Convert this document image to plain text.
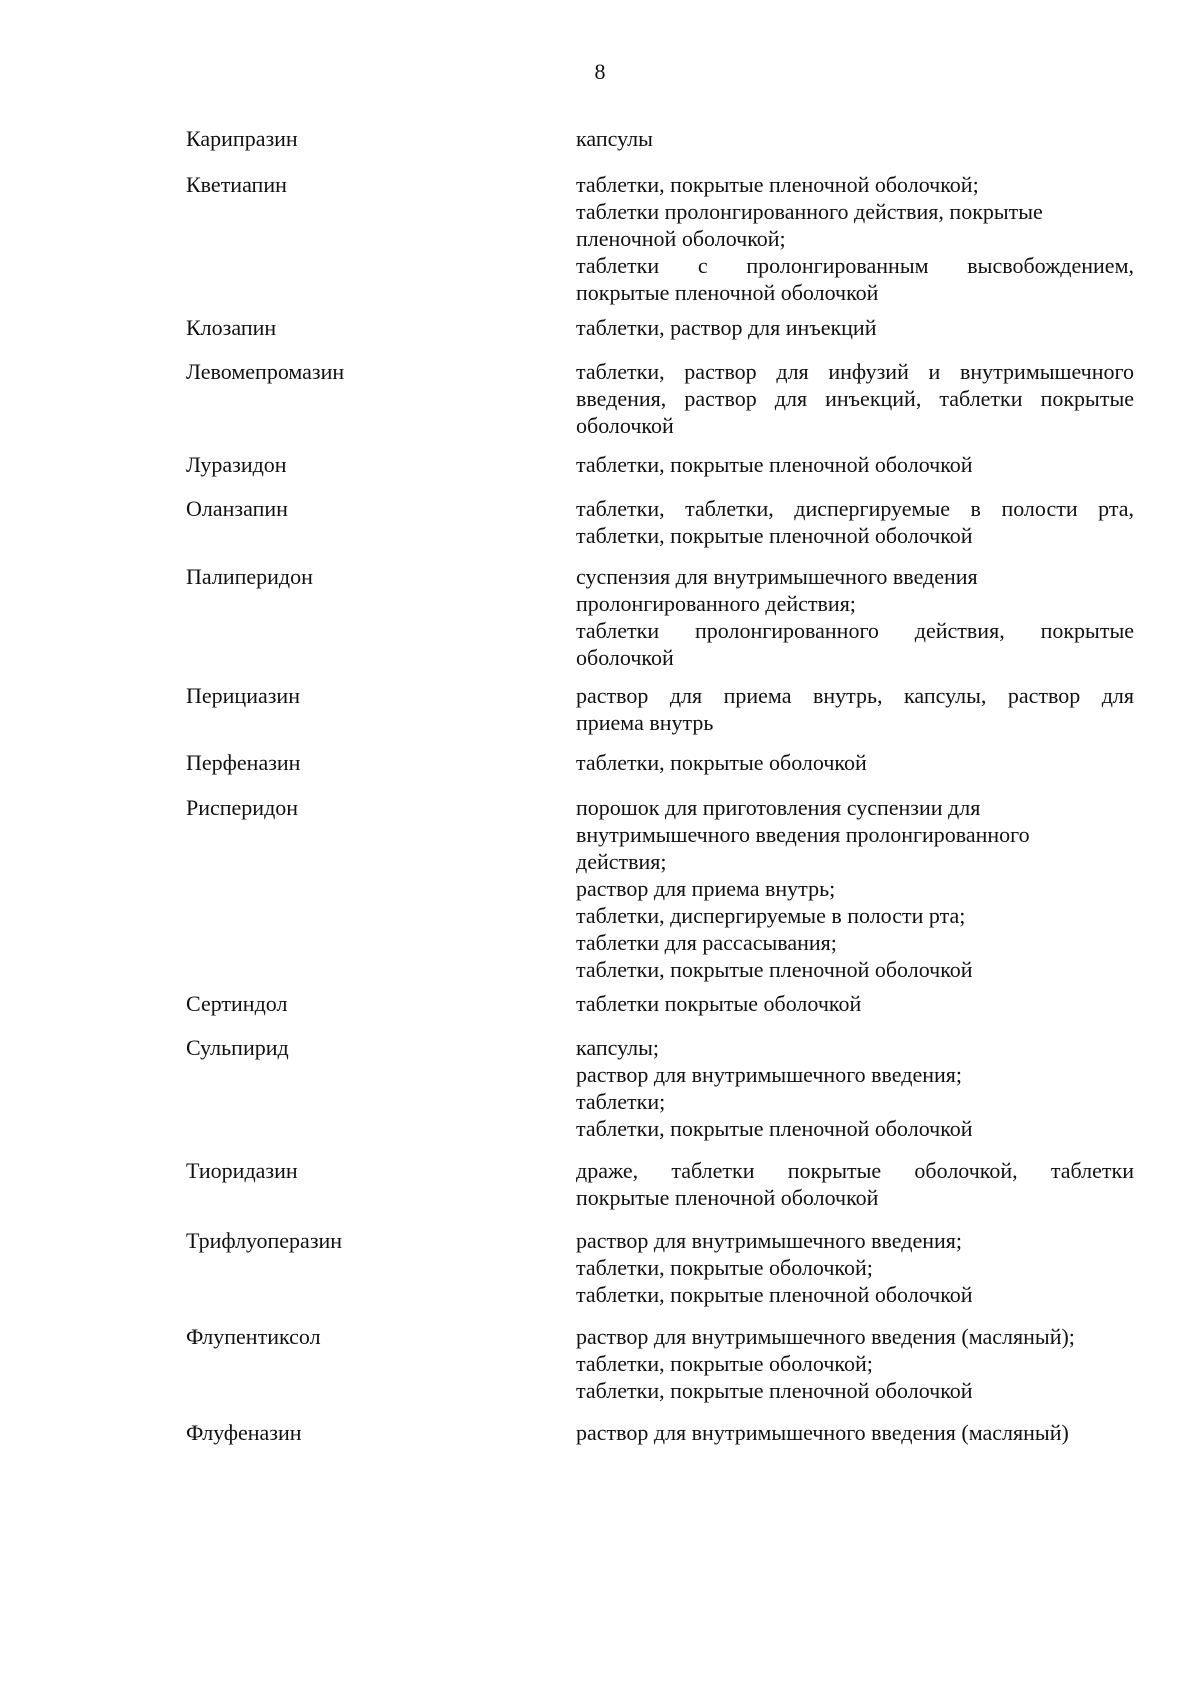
8
Карипразин	капсулы
Кветиапин	таблетки, покрытые пленочной оболочкой;
таблетки пролонгированного действия, покрытые
пленочной оболочкой;
таблетки с пролонгированным высвобождением,
покрытые пленочной оболочкой
Клозапин	таблетки, раствор для инъекций
Левомепромазин	таблетки, раствор для инфузий и внутримышечного
введения, раствор для инъекций, таблетки покрытые
оболочкой
Луразидон	таблетки, покрытые пленочной оболочкой
Оланзапин	таблетки, таблетки, диспергируемые в полости рта,
таблетки, покрытые пленочной оболочкой
Палиперидон	суспензия для внутримышечного введения
пролонгированного действия;
таблетки пролонгированного действия, покрытые
оболочкой
Перициазин	раствор для приема внутрь, капсулы, раствор для
приема внутрь
Перфеназин	таблетки, покрытые оболочкой
Рисперидон	порошок для приготовления суспензии для
внутримышечного введения пролонгированного
действия;
раствор для приема внутрь;
таблетки, диспергируемые в полости рта;
таблетки для рассасывания;
таблетки, покрытые пленочной оболочкой
Сертиндол	таблетки покрытые оболочкой
Сульпирид	капсулы;
раствор для внутримышечного введения;
таблетки;
таблетки, покрытые пленочной оболочкой
Тиоридазин	драже, таблетки покрытые оболочкой, таблетки
покрытые пленочной оболочкой
Трифлуоперазин	раствор для внутримышечного введения;
таблетки, покрытые оболочкой;
таблетки, покрытые пленочной оболочкой
Флупентиксол	раствор для внутримышечного введения (масляный);
таблетки, покрытые оболочкой;
таблетки, покрытые пленочной оболочкой
Флуфеназин	раствор для внутримышечного введения (масляный)
